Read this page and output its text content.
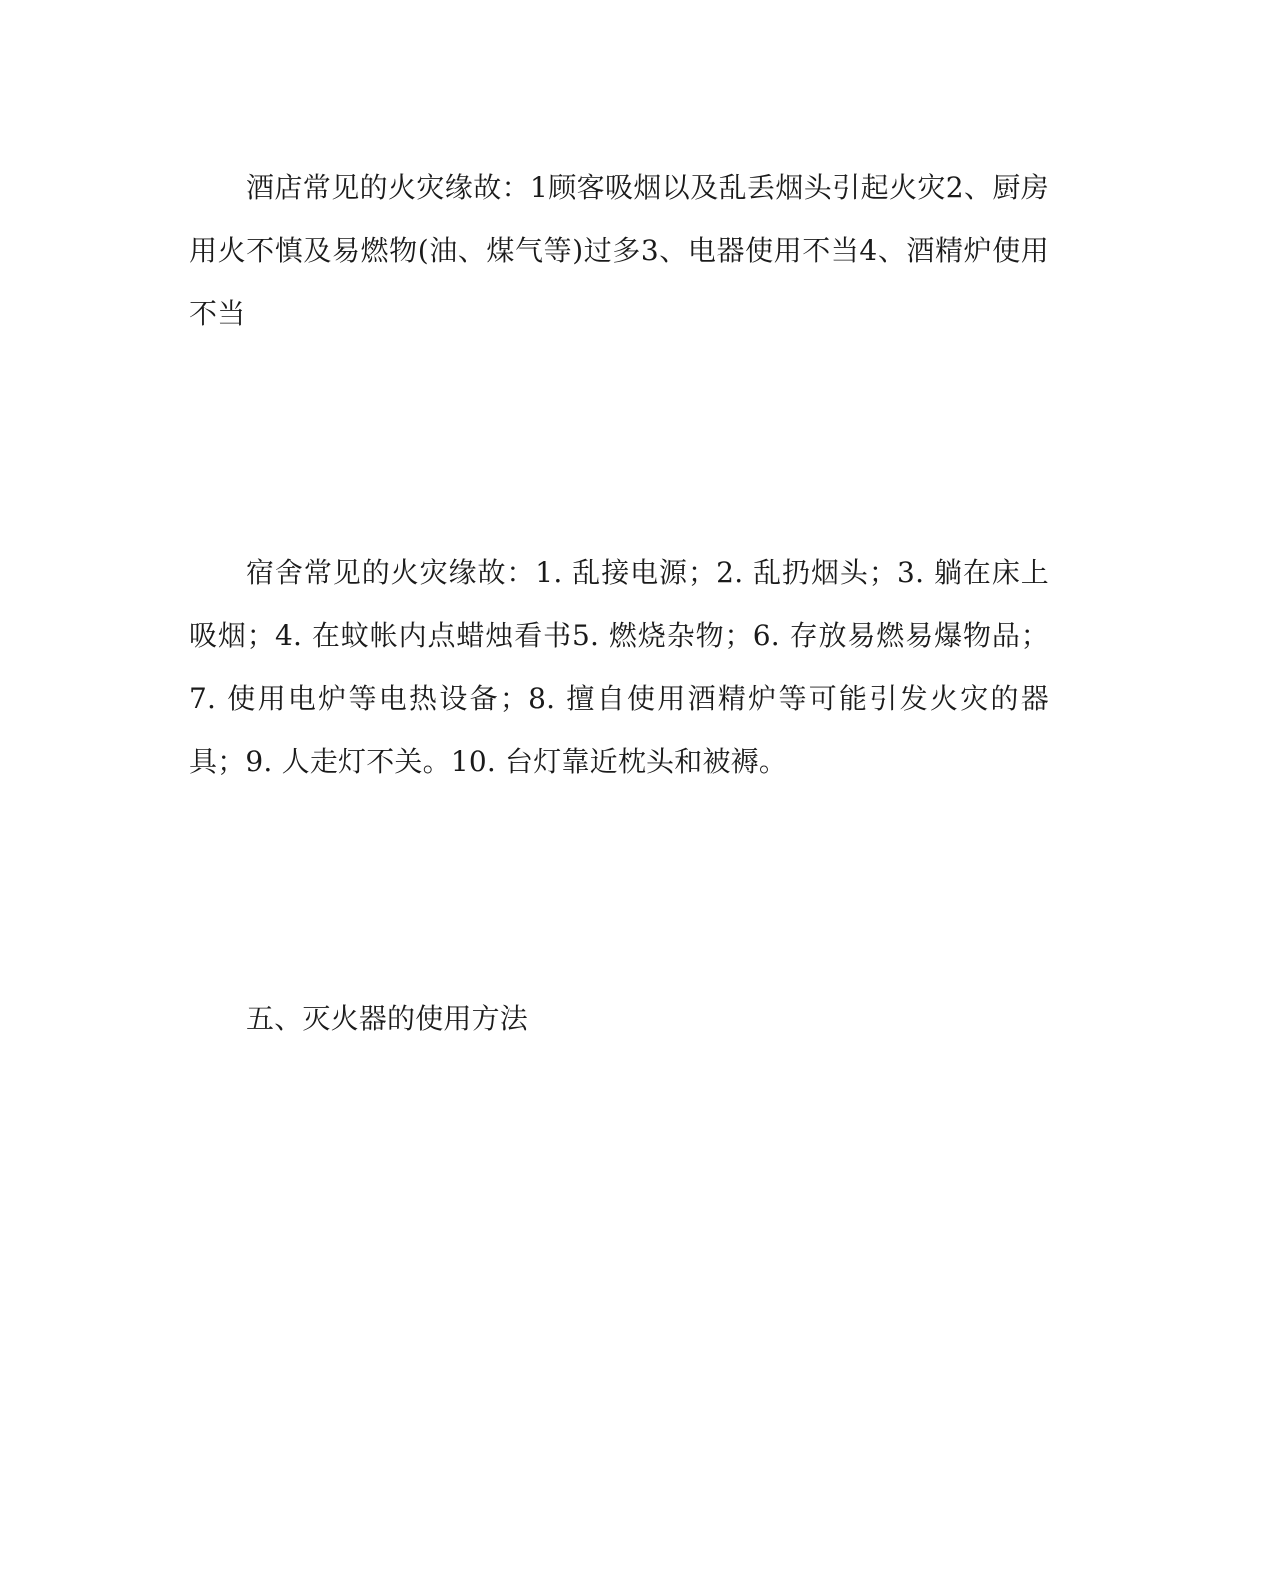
酒店常见的火灾缘故：1顾客吸烟以及乱丢烟头引起火灾2、厨房用火不慎及易燃物(油、煤气等)过多3、电器使用不当4、酒精炉使用不当

宿舍常见的火灾缘故：1. 乱接电源；2. 乱扔烟头；3. 躺在床上吸烟；4. 在蚊帐内点蜡烛看书5. 燃烧杂物；6. 存放易燃易爆物品；7. 使用电炉等电热设备；8. 擅自使用酒精炉等可能引发火灾的器具；9. 人走灯不关。10. 台灯靠近枕头和被褥。

五、灭火器的使用方法
